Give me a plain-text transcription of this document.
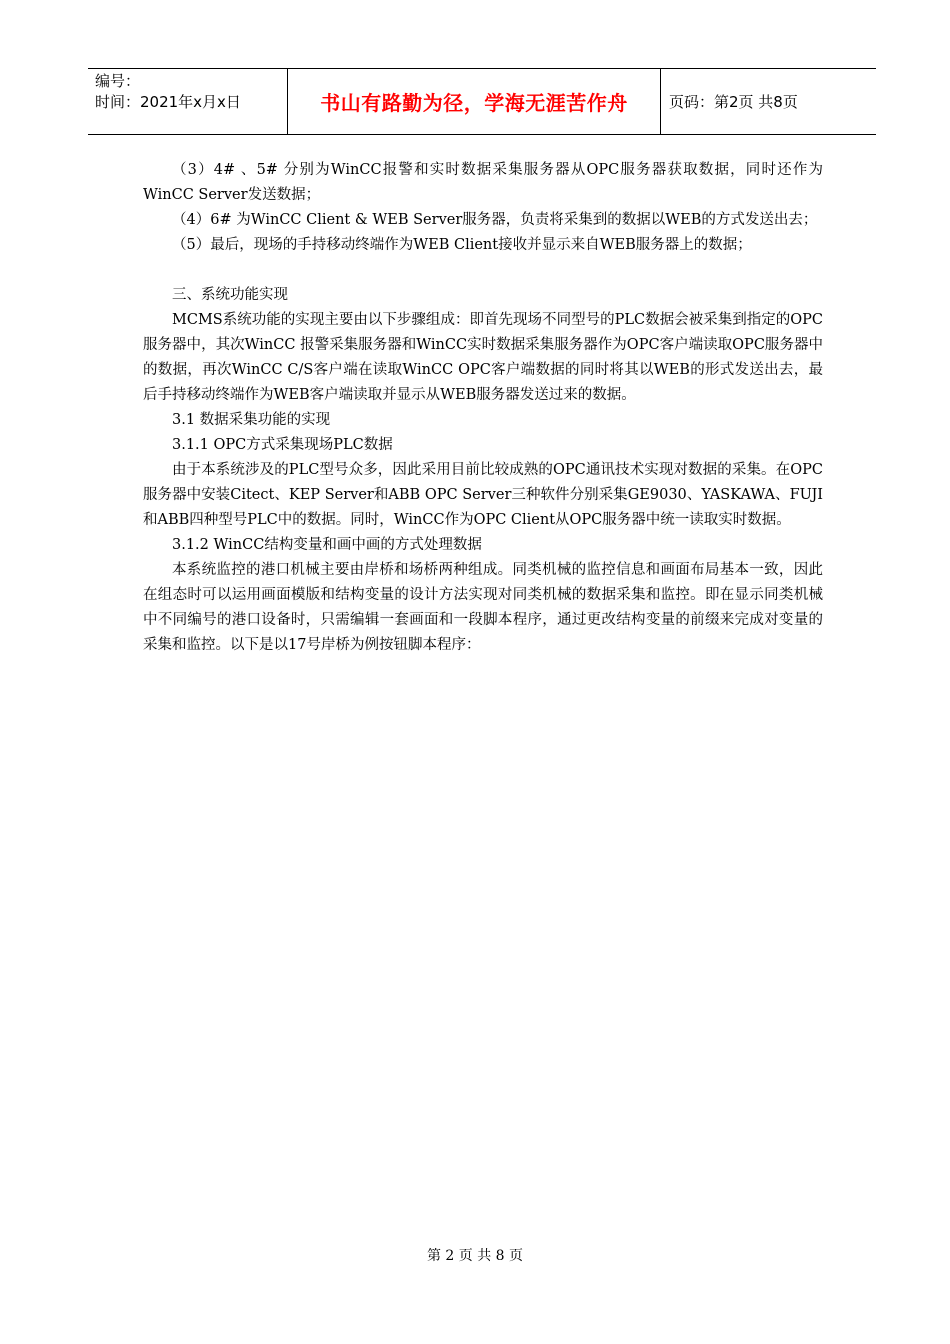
编号：
时间：2021年x月x日	书山有路勤为径，学海无涯苦作舟	页码：第2页 共8页

（3）4# 、5# 分别为WinCC报警和实时数据采集服务器从OPC服务器获取数据，同时还作为WinCC Server发送数据；

（4）6# 为WinCC Client & WEB Server服务器，负责将采集到的数据以WEB的方式发送出去；

（5）最后，现场的手持移动终端作为WEB Client接收并显示来自WEB服务器上的数据；

三、系统功能实现

MCMS系统功能的实现主要由以下步骤组成：即首先现场不同型号的PLC数据会被采集到指定的OPC服务器中，其次WinCC 报警采集服务器和WinCC实时数据采集服务器作为OPC客户端读取OPC服务器中的数据，再次WinCC C/S客户端在读取WinCC OPC客户端数据的同时将其以WEB的形式发送出去，最后手持移动终端作为WEB客户端读取并显示从WEB服务器发送过来的数据。

3.1 数据采集功能的实现

3.1.1 OPC方式采集现场PLC数据

由于本系统涉及的PLC型号众多，因此采用目前比较成熟的OPC通讯技术实现对数据的采集。在OPC服务器中安装Citect、KEP Server和ABB OPC Server三种软件分别采集GE9030、YASKAWA、FUJI和ABB四种型号PLC中的数据。同时，WinCC作为OPC Client从OPC服务器中统一读取实时数据。

3.1.2 WinCC结构变量和画中画的方式处理数据

本系统监控的港口机械主要由岸桥和场桥两种组成。同类机械的监控信息和画面布局基本一致，因此在组态时可以运用画面模版和结构变量的设计方法实现对同类机械的数据采集和监控。即在显示同类机械中不同编号的港口设备时，只需编辑一套画面和一段脚本程序，通过更改结构变量的前缀来完成对变量的采集和监控。以下是以17号岸桥为例按钮脚本程序：

第 2 页 共 8 页
